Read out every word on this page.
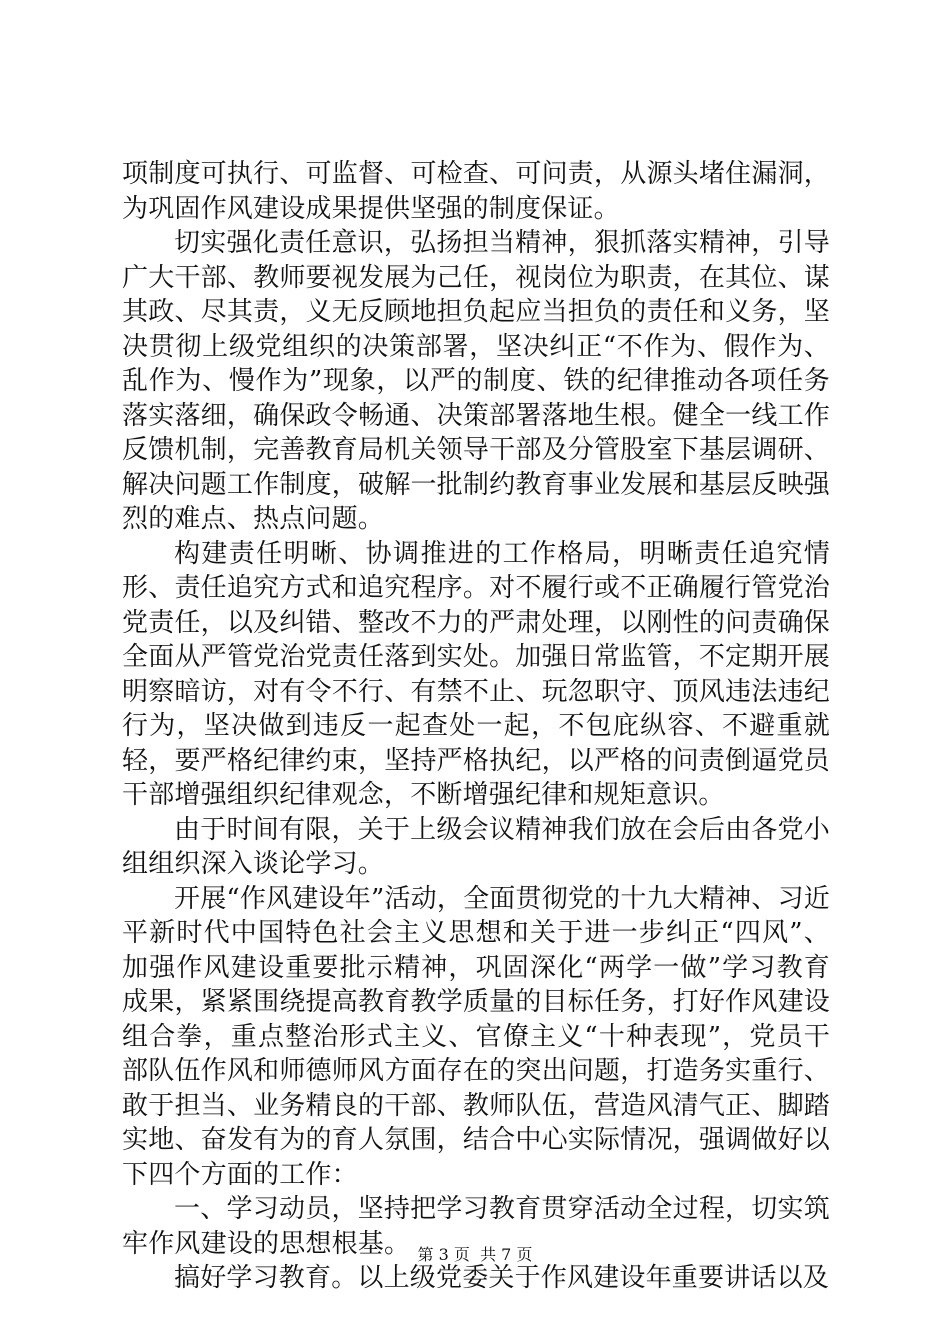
项制度可执行、可监督、可检查、可问责，从源头堵住漏洞，为巩固作风建设成果提供坚强的制度保证。

切实强化责任意识，弘扬担当精神，狠抓落实精神，引导广大干部、教师要视发展为己任，视岗位为职责，在其位、谋其政、尽其责，义无反顾地担负起应当担负的责任和义务，坚决贯彻上级党组织的决策部署，坚决纠正“不作为、假作为、乱作为、慢作为”现象，以严的制度、铁的纪律推动各项任务落实落细，确保政令畅通、决策部署落地生根。健全一线工作反馈机制，完善教育局机关领导干部及分管股室下基层调研、解决问题工作制度，破解一批制约教育事业发展和基层反映强烈的难点、热点问题。

构建责任明晰、协调推进的工作格局，明晰责任追究情形、责任追究方式和追究程序。对不履行或不正确履行管党治党责任，以及纠错、整改不力的严肃处理，以刚性的问责确保全面从严管党治党责任落到实处。加强日常监管，不定期开展明察暗访，对有令不行、有禁不止、玩忽职守、顶风违法违纪行为，坚决做到违反一起查处一起，不包庇纵容、不避重就轻，要严格纪律约束，坚持严格执纪，以严格的问责倒逼党员干部增强组织纪律观念，不断增强纪律和规矩意识。

由于时间有限，关于上级会议精神我们放在会后由各党小组组织深入谈论学习。

开展“作风建设年”活动，全面贯彻党的十九大精神、习近平新时代中国特色社会主义思想和关于进一步纠正“四风”、加强作风建设重要批示精神，巩固深化“两学一做”学习教育成果，紧紧围绕提高教育教学质量的目标任务，打好作风建设组合拳，重点整治形式主义、官僚主义“十种表现”，党员干部队伍作风和师德师风方面存在的突出问题，打造务实重行、敢于担当、业务精良的干部、教师队伍，营造风清气正、脚踏实地、奋发有为的育人氛围，结合中心实际情况，强调做好以下四个方面的工作：

一、学习动员，坚持把学习教育贯穿活动全过程，切实筑牢作风建设的思想根基。

搞好学习教育。以上级党委关于作风建设年重要讲话以及

第 3 页  共 7 页
